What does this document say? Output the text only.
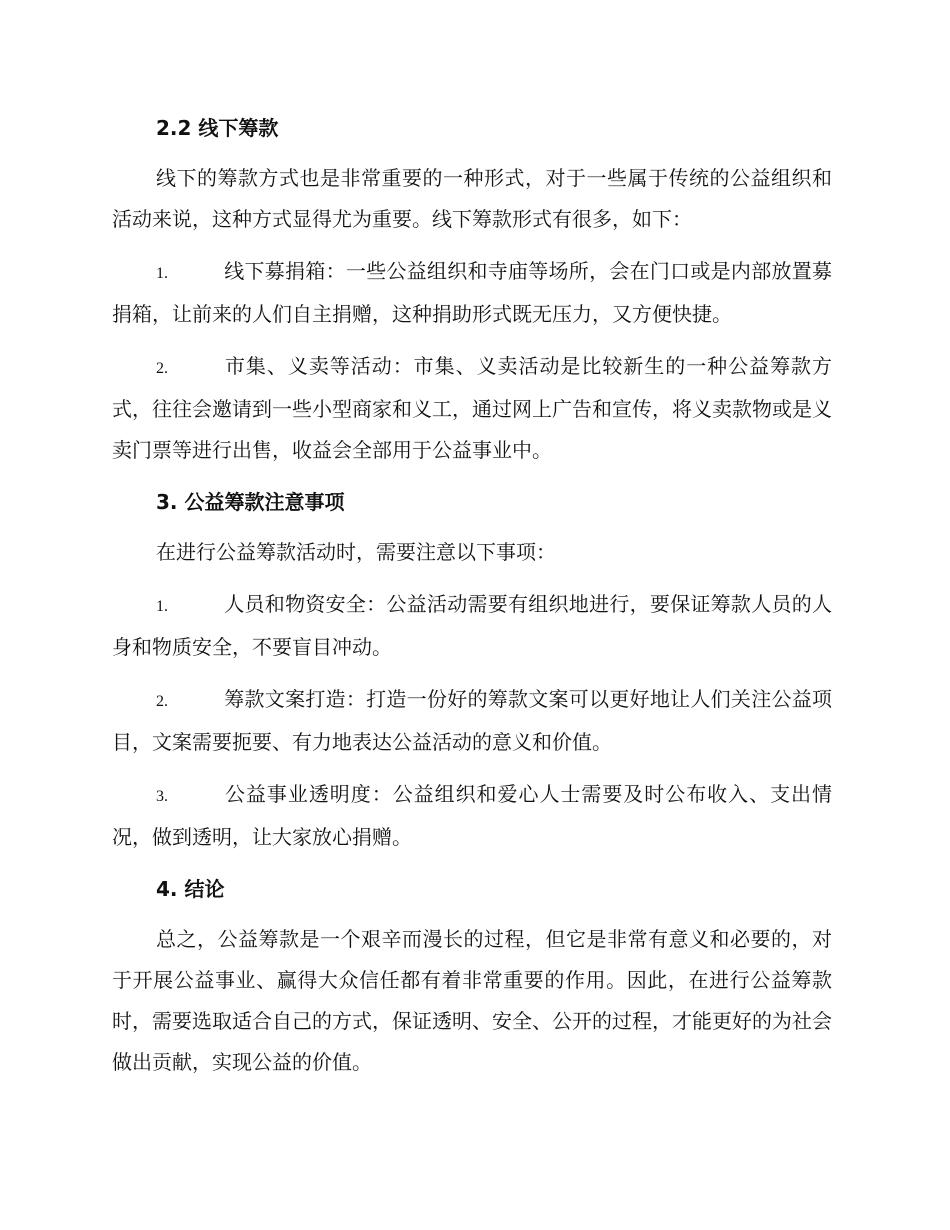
2.2 线下筹款

线下的筹款方式也是非常重要的一种形式，对于一些属于传统的公益组织和活动来说，这种方式显得尤为重要。线下筹款形式有很多，如下：

1.	线下募捐箱：一些公益组织和寺庙等场所，会在门口或是内部放置募捐箱，让前来的人们自主捐赠，这种捐助形式既无压力，又方便快捷。

2.	市集、义卖等活动：市集、义卖活动是比较新生的一种公益筹款方式，往往会邀请到一些小型商家和义工，通过网上广告和宣传，将义卖款物或是义卖门票等进行出售，收益会全部用于公益事业中。

3. 公益筹款注意事项

在进行公益筹款活动时，需要注意以下事项：

1.	人员和物资安全：公益活动需要有组织地进行，要保证筹款人员的人身和物质安全，不要盲目冲动。

2.	筹款文案打造：打造一份好的筹款文案可以更好地让人们关注公益项目，文案需要扼要、有力地表达公益活动的意义和价值。

3.	公益事业透明度：公益组织和爱心人士需要及时公布收入、支出情况，做到透明，让大家放心捐赠。

4. 结论

总之，公益筹款是一个艰辛而漫长的过程，但它是非常有意义和必要的，对于开展公益事业、赢得大众信任都有着非常重要的作用。因此，在进行公益筹款时，需要选取适合自己的方式，保证透明、安全、公开的过程，才能更好的为社会做出贡献，实现公益的价值。
